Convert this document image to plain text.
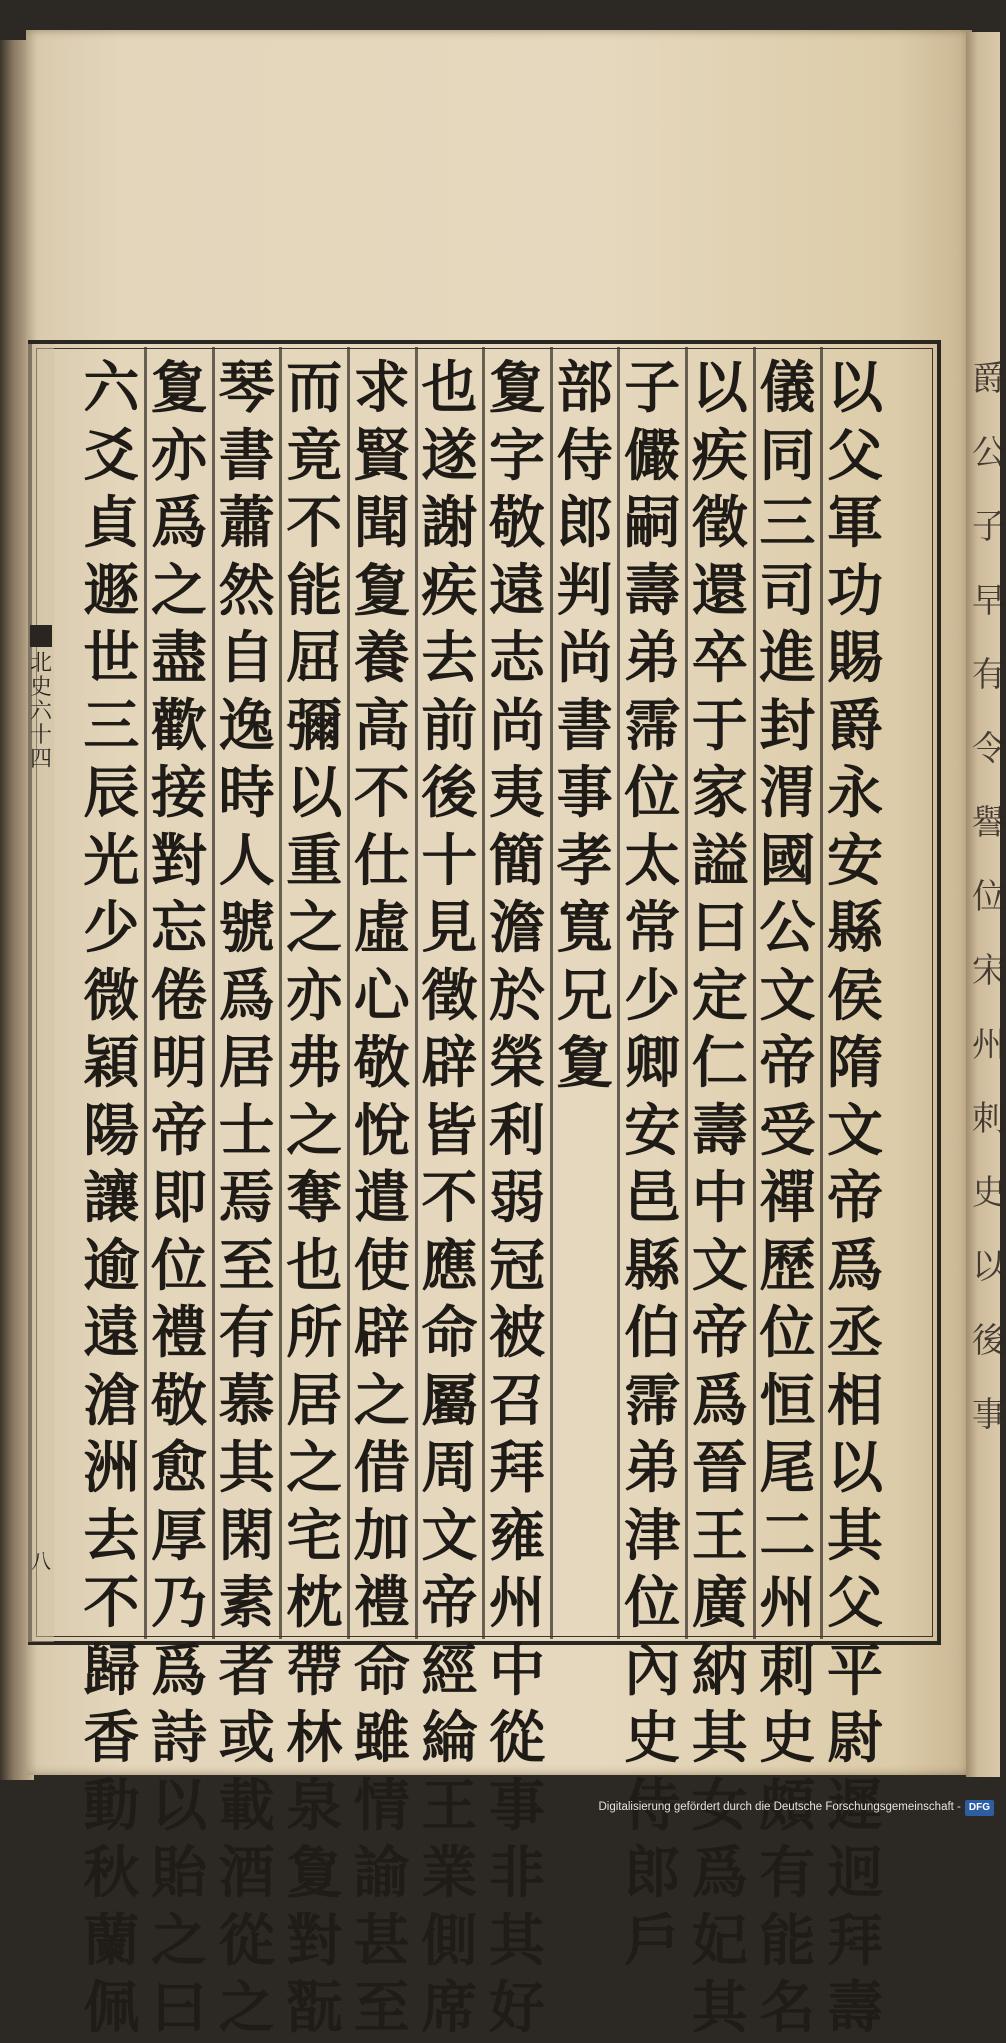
爵
公
子
早
有
令
譽
位
宋
州
刺
史
以
後
事
以
父
軍
功
賜
爵
永
安
縣
侯
隋
文
帝
爲
丞
相
以
其
父
平
尉
遲
迥
拜
壽
儀
同
三
司
進
封
渭
國
公
文
帝
受
禪
歷
位
恒
尾
二
州
刺
史
頗
有
能
名
以
疾
徵
還
卒
于
家
謚
曰
定
仁
壽
中
文
帝
爲
晉
王
廣
納
其
女
爲
妃
其
子
儼
嗣
壽
弟
霈
位
太
常
少
卿
安
邑
縣
伯
霈
弟
津
位
內
史
侍
郎
戶
部
侍
郎
判
尚
書
事
孝
寬
兄
夐
夐
字
敬
遠
志
尚
夷
簡
澹
於
榮
利
弱
冠
被
召
拜
雍
州
中
從
事
非
其
好
也
遂
謝
疾
去
前
後
十
見
徵
辟
皆
不
應
命
屬
周
文
帝
經
綸
王
業
側
席
求
賢
聞
夐
養
高
不
仕
虛
心
敬
悅
遣
使
辟
之
借
加
禮
命
雖
情
諭
甚
至
而
竟
不
能
屈
彌
以
重
之
亦
弗
之
奪
也
所
居
之
宅
枕
帶
林
泉
夐
對
翫
琴
書
蕭
然
自
逸
時
人
號
爲
居
士
焉
至
有
慕
其
閑
素
者
或
載
酒
從
之
夐
亦
爲
之
盡
歡
接
對
忘
倦
明
帝
即
位
禮
敬
愈
厚
乃
爲
詩
以
貽
之
曰
六
爻
貞
遯
世
三
辰
光
少
微
穎
陽
讓
逾
遠
滄
洲
去
不
歸
香
動
秋
蘭
佩
北
史
六
十
四
八
Digitalisierung gefördert durch die Deutsche Forschungsgemeinschaft - DFG
